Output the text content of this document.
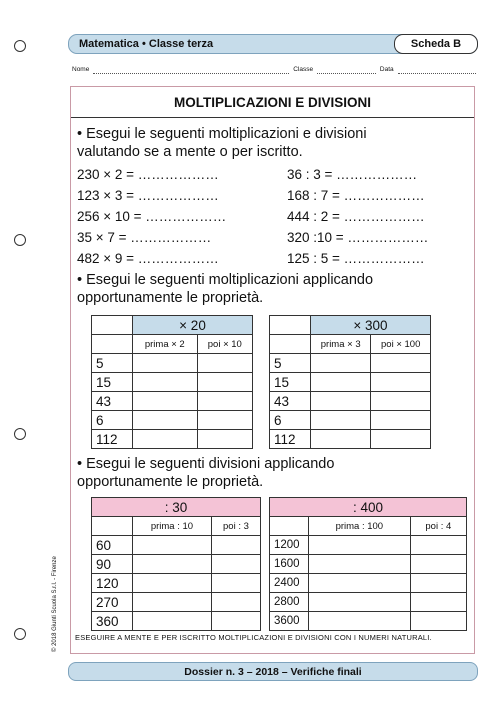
Matematica • Classe terza	Scheda B
Nome	Classe	Data
MOLTIPLICAZIONI E DIVISIONI
• Esegui le seguenti moltiplicazioni e divisioni
valutando se a mente o per iscritto.
230 × 2 = ………………	36 : 3 = ………………
123 × 3 = ………………	168 : 7 = ………………
256 × 10 = ………………	444 : 2 = ………………
35 × 7 = ………………	320 :10 = ………………
482 × 9 = ………………	125 : 5 = ………………
• Esegui le seguenti moltiplicazioni applicando
opportunamente le proprietà.
	× 20	
	prima × 2	poi × 10
5		
15		
43		
6		
112		
	× 300	
	prima × 3	poi × 100
5		
15		
43		
6		
112		
• Esegui le seguenti divisioni applicando
opportunamente le proprietà.
: 30		
	prima : 10	poi : 3
60		
90		
120		
270		
360		
: 400		
	prima : 100	poi : 4
1200		
1600		
2400		
2800		
3600		
ESEGUIRE A MENTE E PER ISCRITTO MOLTIPLICAZIONI E DIVISIONI CON I NUMERI NATURALI.
© 2018 Giunti Scuola S.r.l. - Firenze
Dossier n. 3 – 2018 – Verifiche finali
